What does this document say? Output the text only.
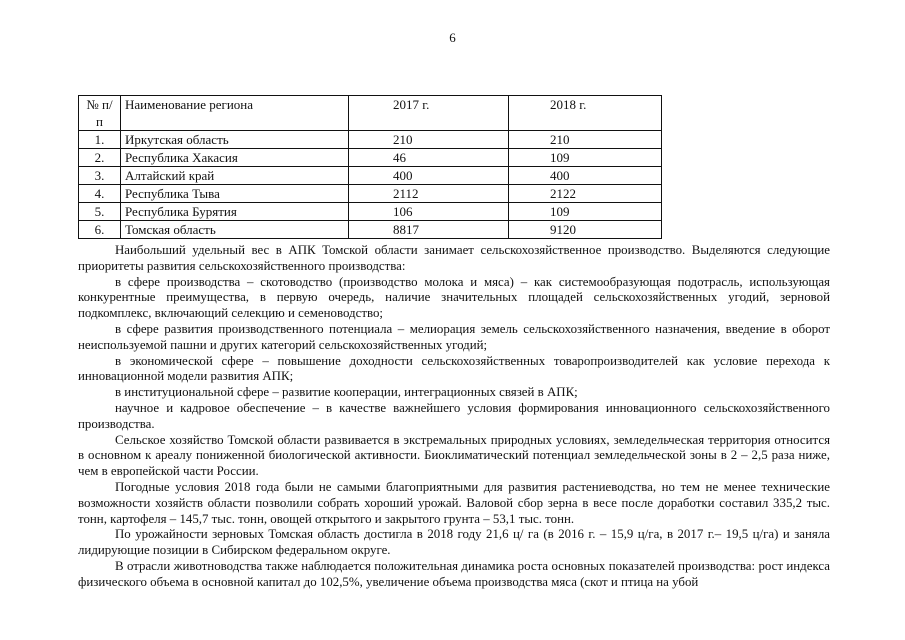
6
№ п/п	Наименование региона	2017 г.	2018 г.
1.	Иркутская область	210	210
2.	Республика Хакасия	46	109
3.	Алтайский край	400	400
4.	Республика Тыва	2112	2122
5.	Республика Бурятия	106	109
6.	Томская область	8817	9120

Наибольший удельный вес в АПК Томской области занимает сельскохозяйственное производство. Выделяются следующие приоритеты развития сельскохозяйственного производства:

в сфере производства – скотоводство (производство молока и мяса) – как системообразующая подотрасль, использующая конкурентные преимущества, в первую очередь, наличие значительных площадей сельскохозяйственных угодий, зерновой подкомплекс, включающий селекцию и семеноводство;

в сфере развития производственного потенциала – мелиорация земель сельскохозяйственного назначения, введение в оборот неиспользуемой пашни и других категорий сельскохозяйственных угодий;

в экономической сфере – повышение доходности сельскохозяйственных товаропроизводителей как условие перехода к инновационной модели развития АПК;

в институциональной сфере – развитие кооперации, интеграционных связей в АПК;

научное и кадровое обеспечение – в качестве важнейшего условия формирования инновационного сельскохозяйственного производства.

Сельское хозяйство Томской области развивается в экстремальных природных условиях, земледельческая территория относится в основном к ареалу пониженной биологической активности. Биоклиматический потенциал земледельческой зоны в 2 – 2,5 раза ниже, чем в европейской части России.

Погодные условия 2018 года были не самыми благоприятными для развития растениеводства, но тем не менее технические возможности хозяйств области позволили собрать хороший урожай. Валовой сбор зерна в весе после доработки составил 335,2 тыс. тонн, картофеля – 145,7 тыс. тонн, овощей открытого и закрытого грунта – 53,1 тыс. тонн.

По урожайности зерновых Томская область достигла в 2018 году 21,6 ц/ га (в 2016 г. – 15,9 ц/га, в 2017 г.– 19,5 ц/га) и заняла лидирующие позиции в Сибирском федеральном округе.

В отрасли животноводства также наблюдается положительная динамика роста основных показателей производства: рост индекса физического объема в основной капитал до 102,5%, увеличение объема производства мяса (скот и птица на убой
